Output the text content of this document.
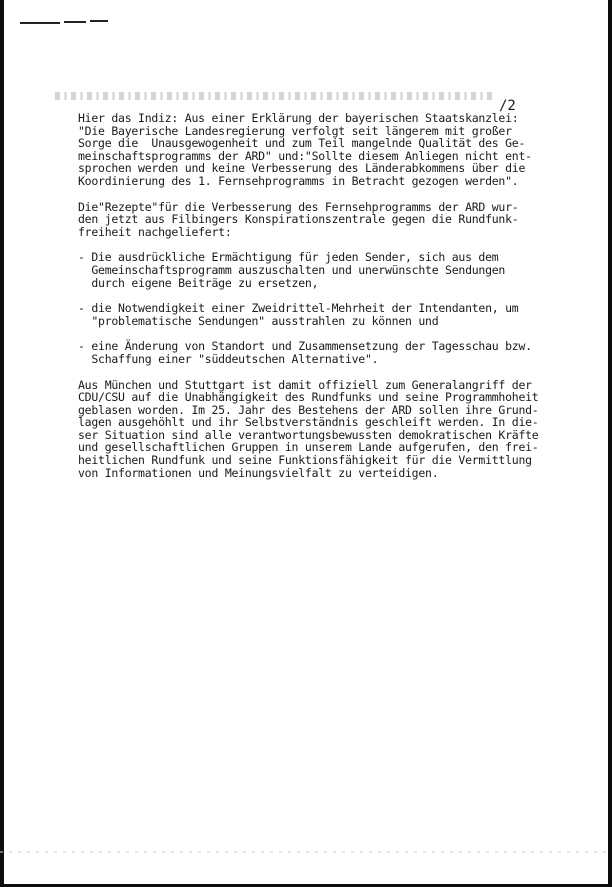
/2

Hier das Indiz: Aus einer Erklärung der bayerischen Staatskanzlei:

"Die Bayerische Landesregierung verfolgt seit längerem mit großer

Sorge die  Unausgewogenheit und zum Teil mangelnde Qualität des Ge-

meinschaftsprogramms der ARD" und:"Sollte diesem Anliegen nicht ent-

sprochen werden und keine Verbesserung des Länderabkommens über die

Koordinierung des 1. Fernsehprogramms in Betracht gezogen werden".

Die"Rezepte"für die Verbesserung des Fernsehprogramms der ARD wur-

den jetzt aus Filbingers Konspirationszentrale gegen die Rundfunk-

freiheit nachgeliefert:

- Die ausdrückliche Ermächtigung für jeden Sender, sich aus dem

Gemeinschaftsprogramm auszuschalten und unerwünschte Sendungen

durch eigene Beiträge zu ersetzen,

- die Notwendigkeit einer Zweidrittel-Mehrheit der Intendanten, um

"problematische Sendungen" ausstrahlen zu können und

- eine Änderung von Standort und Zusammensetzung der Tagesschau bzw.

Schaffung einer "süddeutschen Alternative".

Aus München und Stuttgart ist damit offiziell zum Generalangriff der

CDU/CSU auf die Unabhängigkeit des Rundfunks und seine Programmhoheit

geblasen worden. Im 25. Jahr des Bestehens der ARD sollen ihre Grund-

lagen ausgehöhlt und ihr Selbstverständnis geschleift werden. In die-

ser Situation sind alle verantwortungsbewussten demokratischen Kräfte

und gesellschaftlichen Gruppen in unserem Lande aufgerufen, den frei-

heitlichen Rundfunk und seine Funktionsfähigkeit für die Vermittlung

von Informationen und Meinungsvielfalt zu verteidigen.
